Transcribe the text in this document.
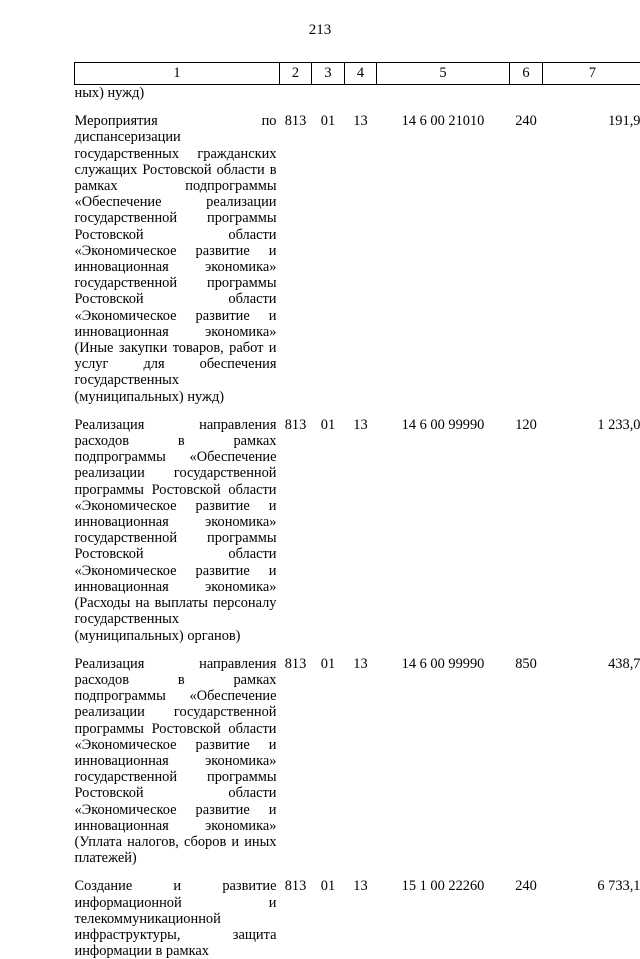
213
1	2	3	4	5	6	7
ных) нужд)						

Мероприятия по диспансеризации государственных гражданских служащих Ростовской области в рамках подпрограммы «Обеспечение реализации государственной программы Ростовской области «Экономическое развитие и инновационная экономика» государственной программы Ростовской области «Экономическое развитие и инновационная экономика» (Иные закупки товаров, работ и услуг для обеспечения государственных (муниципальных) нужд)	813	01	13	14 6 00 21010	240	191,9

Реализация направления расходов в рамках подпрограммы «Обеспечение реализации государственной программы Ростовской области «Экономическое развитие и инновационная экономика» государственной программы Ростовской области «Экономическое развитие и инновационная экономика» (Расходы на выплаты персоналу государственных (муниципальных) органов)	813	01	13	14 6 00 99990	120	1 233,0

Реализация направления расходов в рамках подпрограммы «Обеспечение реализации государственной программы Ростовской области «Экономическое развитие и инновационная экономика» государственной программы Ростовской области «Экономическое развитие и инновационная экономика» (Уплата налогов, сборов и иных платежей)	813	01	13	14 6 00 99990	850	438,7

Создание и развитие информационной и телекоммуникационной инфраструктуры, защита информации в рамках	813	01	13	15 1 00 22260	240	6 733,1
